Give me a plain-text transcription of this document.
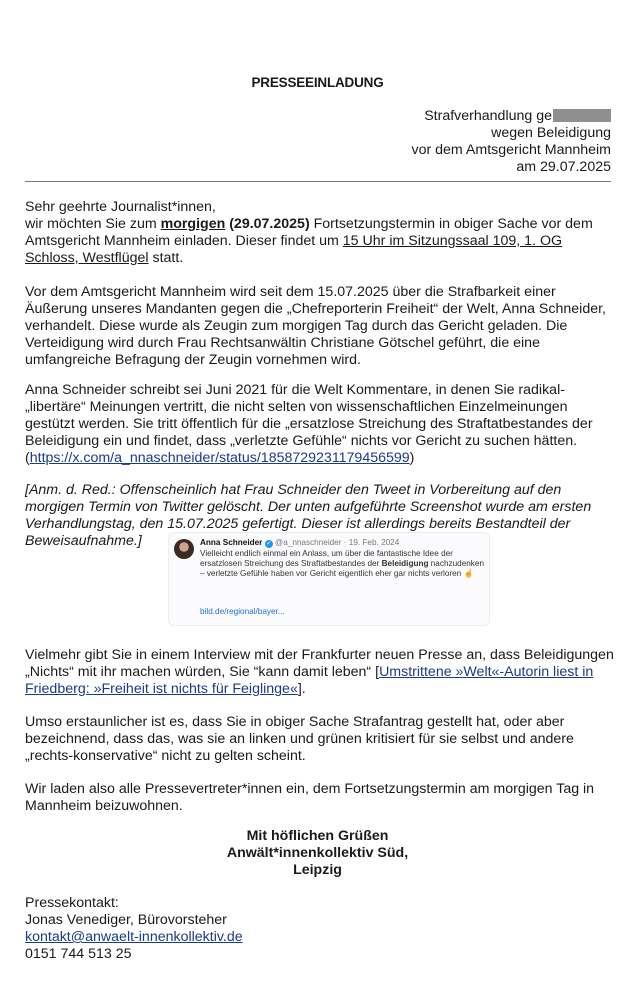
PRESSEEINLADUNG
Strafverhandlung ge
wegen Beleidigung
vor dem Amtsgericht Mannheim
am 29.07.2025

Sehr geehrte Journalist*innen,

wir möchten Sie zum morgigen (29.07.2025) Fortsetzungstermin in obiger Sache vor dem Amtsgericht Mannheim einladen. Dieser findet um 15 Uhr im Sitzungssaal 109, 1. OG Schloss, Westflügel statt.

Vor dem Amtsgericht Mannheim wird seit dem 15.07.2025 über die Strafbarkeit einer Äußerung unseres Mandanten gegen die „Chefreporterin Freiheit“ der Welt, Anna Schneider, verhandelt. Diese wurde als Zeugin zum morgigen Tag durch das Gericht geladen. Die Verteidigung wird durch Frau Rechtsanwältin Christiane Götschel geführt, die eine umfangreiche Befragung der Zeugin vornehmen wird.
Anna Schneider schreibt sei Juni 2021 für die Welt Kommentare, in denen Sie radikal-„libertäre“ Meinungen vertritt, die nicht selten von wissenschaftlichen Einzelmeinungen gestützt werden. Sie tritt öffentlich für die „ersatzlose Streichung des Straftatbestandes der Beleidigung ein und findet, dass „verletzte Gefühle“ nichts vor Gericht zu suchen hätten. (https://x.com/a_nnaschneider/status/1858729231179456599)
[Anm. d. Red.: Offenscheinlich hat Frau Schneider den Tweet in Vorbereitung auf den morgigen Termin von Twitter gelöscht. Der unten aufgeführte Screenshot wurde am ersten Verhandlungstag, den 15.07.2025 gefertigt. Dieser ist allerdings bereits Bestandteil der Beweisaufnahme.]	Anna Schneider ✓ @a_nnaschneider · 19. Feb. 2024
Vielleicht endlich einmal ein Anlass, um über die fantastische Idee der ersatzlosen Streichung des Straftatbestandes der Beleidigung nachzudenken – verletzte Gefühle haben vor Gericht eigentlich eher gar nichts verloren ☝
bild.de/regional/bayer...
Vielmehr gibt Sie in einem Interview mit der Frankfurter neuen Presse an, dass Beleidigungen „Nichts“ mit ihr machen würden, Sie “kann damit leben“ [Umstrittene »Welt«-Autorin liest in Friedberg: »Freiheit ist nichts für Feiglinge«].
Umso erstaunlicher ist es, dass Sie in obiger Sache Strafantrag gestellt hat, oder aber bezeichnend, dass das, was sie an linken und grünen kritisiert für sie selbst und andere „rechts-konservative“ nicht zu gelten scheint.
Wir laden also alle Pressevertreter*innen ein, dem Fortsetzungstermin am morgigen Tag in Mannheim beizuwohnen.
Mit höflichen Grüßen
Anwält*innenkollektiv Süd,
Leipzig
Pressekontakt:
Jonas Venediger, Bürovorsteher
kontakt@anwaelt-innenkollektiv.de
0151 744 513 25
